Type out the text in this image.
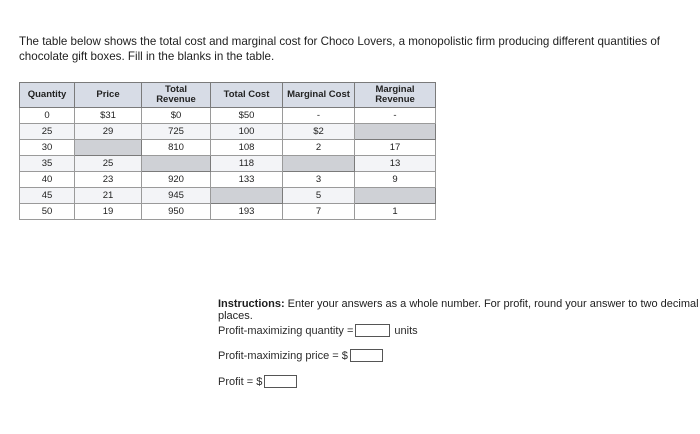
The table below shows the total cost and marginal cost for Choco Lovers, a monopolistic firm producing different quantities of chocolate gift boxes. Fill in the blanks in the table.
Quantity	Price	Total Revenue	Total Cost	Marginal Cost	Marginal Revenue
0	$31	$0	$50	-	-
25	29	725	100	$2	
30		810	108	2	17
35	25		118		13
40	23	920	133	3	9
45	21	945		5	
50	19	950	193	7	1
Instructions: Enter your answers as a whole number. For profit, round your answer to two decimal places.
Profit-maximizing quantity =	units
Profit-maximizing price = $
Profit = $
